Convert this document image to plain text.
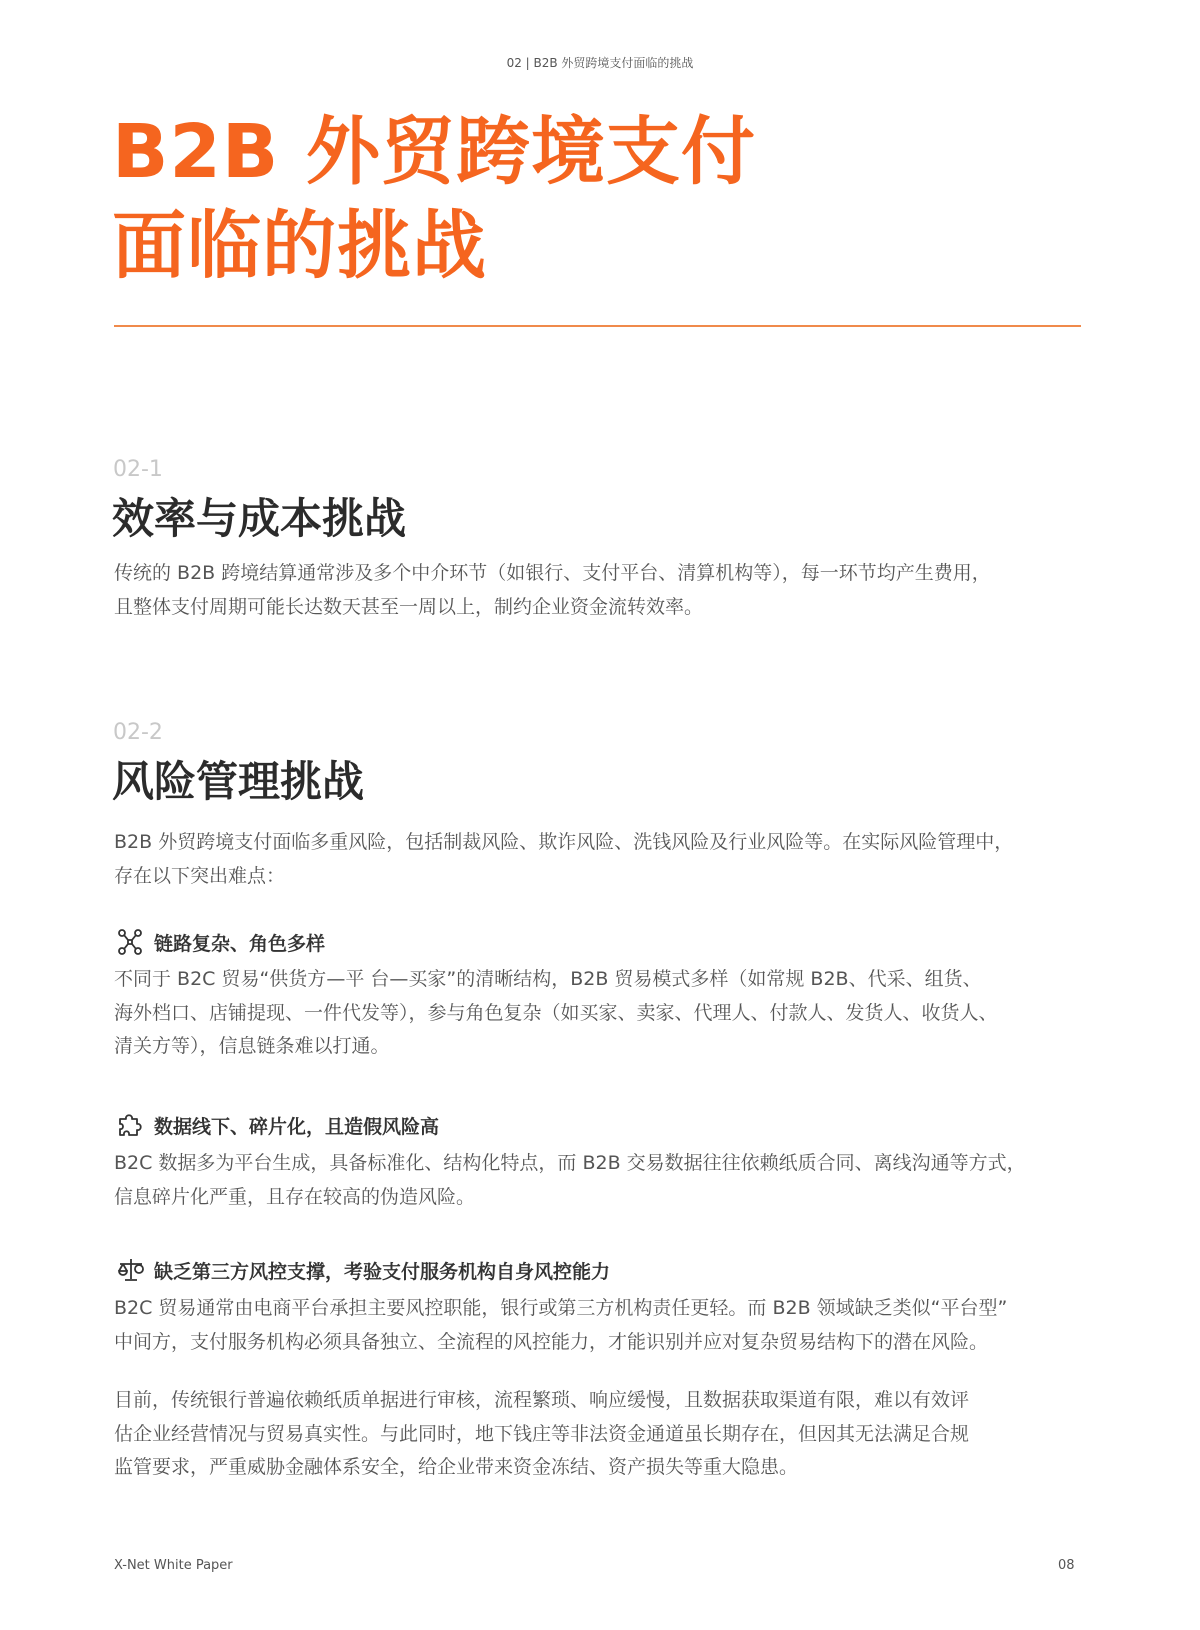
02 | B2B 外贸跨境支付面临的挑战
B2B 外贸跨境支付
面临的挑战
02-1
效率与成本挑战
传统的 B2B 跨境结算通常涉及多个中介环节（如银行、支付平台、清算机构等），每一环节均产生费用，
且整体支付周期可能长达数天甚至一周以上，制约企业资金流转效率。
02-2
风险管理挑战
B2B 外贸跨境支付面临多重风险，包括制裁风险、欺诈风险、洗钱风险及行业风险等。在实际风险管理中，
存在以下突出难点：
链路复杂、角色多样
不同于 B2C 贸易“供货方—平 台—买家”的清晰结构，B2B 贸易模式多样（如常规 B2B、代采、组货、
海外档口、店铺提现、一件代发等），参与角色复杂（如买家、卖家、代理人、付款人、发货人、收货人、
清关方等），信息链条难以打通。
数据线下、碎片化，且造假风险高
B2C 数据多为平台生成，具备标准化、结构化特点，而 B2B 交易数据往往依赖纸质合同、离线沟通等方式，
信息碎片化严重，且存在较高的伪造风险。
缺乏第三方风控支撑，考验支付服务机构自身风控能力
B2C 贸易通常由电商平台承担主要风控职能，银行或第三方机构责任更轻。而 B2B 领域缺乏类似“平台型”
中间方，支付服务机构必须具备独立、全流程的风控能力，才能识别并应对复杂贸易结构下的潜在风险。
目前，传统银行普遍依赖纸质单据进行审核，流程繁琐、响应缓慢，且数据获取渠道有限，难以有效评
估企业经营情况与贸易真实性。与此同时，地下钱庄等非法资金通道虽长期存在，但因其无法满足合规
监管要求，严重威胁金融体系安全，给企业带来资金冻结、资产损失等重大隐患。
X-Net White Paper	08
